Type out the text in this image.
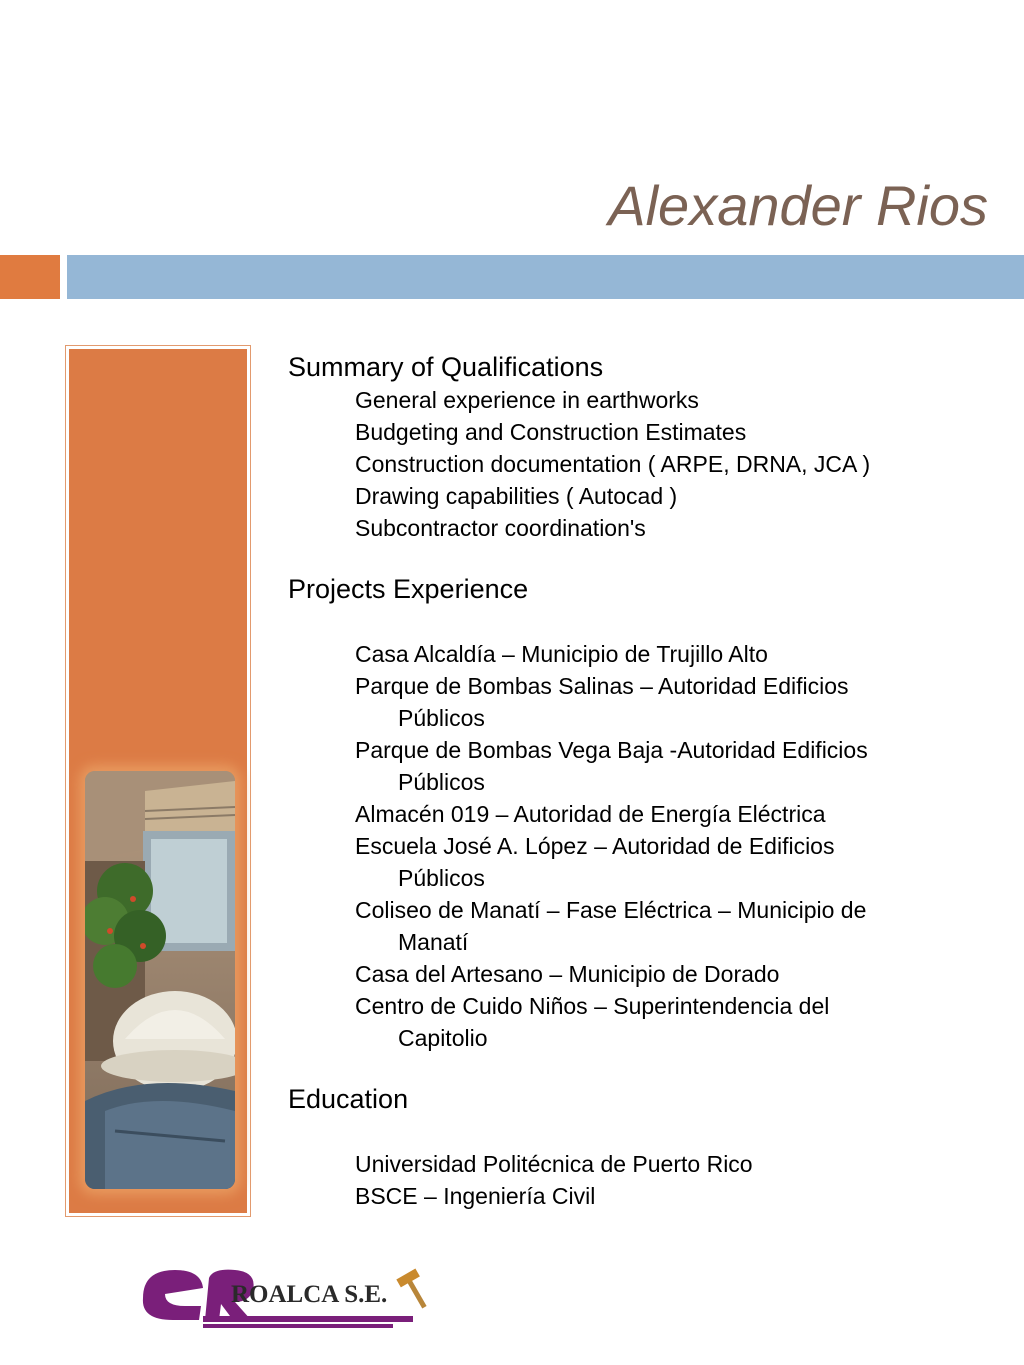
Alexander Rios
Summary of Qualifications
General experience in earthworks
Budgeting and Construction Estimates
Construction documentation ( ARPE, DRNA, JCA )
Drawing capabilities ( Autocad )
Subcontractor coordination's
Projects Experience
Casa Alcaldía – Municipio de Trujillo Alto
Parque de Bombas Salinas – Autoridad Edificios
Públicos
Parque de Bombas Vega Baja -Autoridad Edificios
Públicos
Almacén 019 – Autoridad de Energía Eléctrica
Escuela José A. López – Autoridad de Edificios
Públicos
Coliseo de Manatí – Fase Eléctrica – Municipio de
Manatí
Casa del Artesano – Municipio de Dorado
Centro de Cuido Niños – Superintendencia del
Capitolio
Education
Universidad Politécnica de Puerto Rico
BSCE – Ingeniería Civil
ROALCA S.E.
